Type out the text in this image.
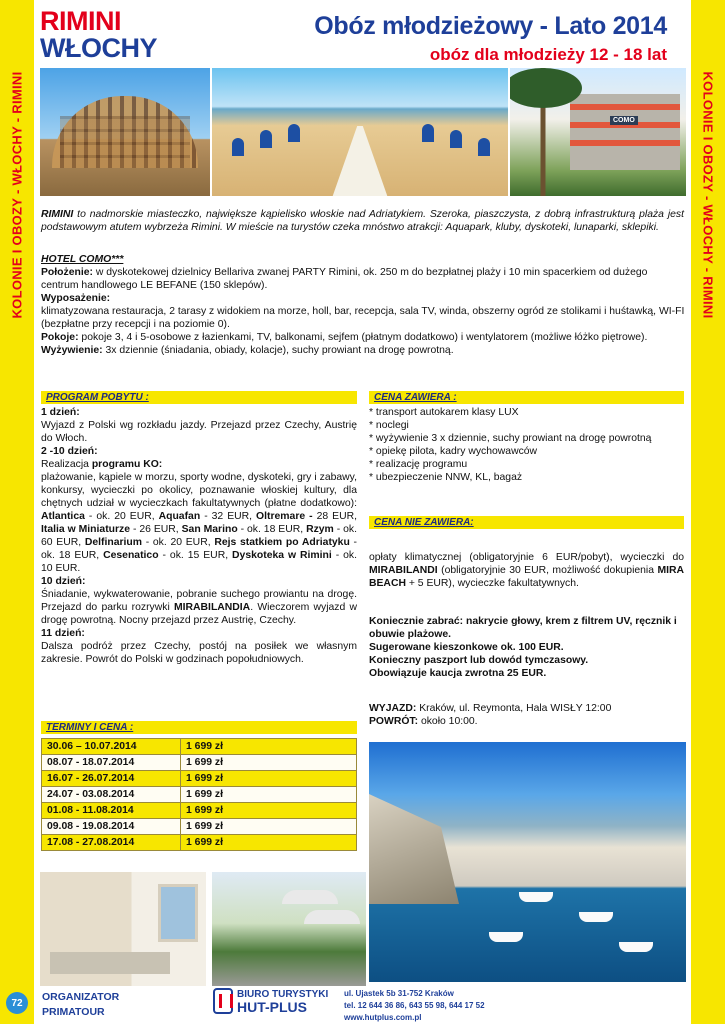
KOLONIE I OBOZY - WŁOCHY - RIMINI
72
KOLONIE I OBOZY - WŁOCHY - RIMINI
RIMINI
WŁOCHY
Obóz młodzieżowy - Lato 2014
obóz dla młodzieży 12 - 18 lat
COMO
RIMINI to nadmorskie miasteczko, największe kąpielisko włoskie nad Adriatykiem. Szeroka, piaszczysta, z dobrą infrastrukturą plaża jest podstawowym atutem wybrzeża Rimini. W mieście na turystów czeka mnóstwo atrakcji: Aquapark, kluby, dyskoteki, lunaparki, sklepiki.
HOTEL COMO***
Położenie: w dyskotekowej dzielnicy Bellariva zwanej PARTY Rimini, ok. 250 m do bezpłatnej plaży i 10 min spacerkiem od dużego centrum handlowego LE BEFANE (150 sklepów).
Wyposażenie:
klimatyzowana restauracja, 2 tarasy z widokiem na morze, holl, bar, recepcja, sala TV, winda, obszerny ogród ze stolikami i huśtawką, WI-FI (bezpłatne przy recepcji i na poziomie 0).
Pokoje: pokoje 3, 4 i 5-osobowe z łazienkami, TV, balkonami, sejfem (płatnym dodatkowo) i wentylatorem (możliwe łóżko piętrowe).
Wyżywienie: 3x dziennie (śniadania, obiady, kolacje), suchy prowiant na drogę powrotną.
PROGRAM POBYTU :
1 dzień:
Wyjazd z Polski wg rozkładu jazdy. Przejazd przez Czechy, Austrię do Włoch.
2 -10 dzień:
Realizacja programu KO:
plażowanie, kąpiele w morzu, sporty wodne, dyskoteki, gry i zabawy, konkursy, wycieczki po okolicy, poznawanie włoskiej kultury, dla chętnych udział w wycieczkach fakultatywnych (płatne dodatkowo): Atlantica - ok. 20 EUR, Aquafan - 32 EUR, Oltremare - 28 EUR, Italia w Miniaturze - 26 EUR, San Marino - ok. 18 EUR, Rzym - ok. 60 EUR, Delfinarium - ok. 20 EUR, Rejs statkiem po Adriatyku - ok. 18 EUR, Cesenatico - ok. 15 EUR, Dyskoteka w Rimini - ok. 10 EUR.
10 dzień:
Śniadanie, wykwaterowanie, pobranie suchego prowiantu na drogę. Przejazd do parku rozrywki MIRABILANDIA. Wieczorem wyjazd w drogę powrotną. Nocny przejazd przez Austrię, Czechy.
11 dzień:
Dalsza podróż przez Czechy, postój na posiłek we własnym zakresie. Powrót do Polski w godzinach popołudniowych.
CENA ZAWIERA :
* transport autokarem klasy LUX
* noclegi
* wyżywienie 3 x dziennie, suchy prowiant na drogę powrotną
* opiekę pilota, kadry wychowawców
* realizację programu
* ubezpieczenie NNW, KL, bagaż
CENA NIE ZAWIERA:
opłaty klimatycznej (obligatoryjnie 6 EUR/pobyt), wycieczki do MIRABILANDI (obligatoryjnie 30 EUR, możliwość dokupienia MIRA BEACH + 5 EUR), wycieczke fakultatywnych.
Koniecznie zabrać: nakrycie głowy, krem z filtrem UV, ręcznik i obuwie plażowe.
Sugerowane kieszonkowe ok. 100 EUR.
Konieczny paszport lub dowód tymczasowy.
Obowiązuje kaucja zwrotna 25 EUR.
WYJAZD: Kraków, ul. Reymonta, Hala WISŁY 12:00
POWRÓT: około 10:00.
TERMINY I CENA :
30.06 – 10.07.2014	1 699 zł
08.07 - 18.07.2014	1 699 zł
16.07 - 26.07.2014	1 699 zł
24.07 - 03.08.2014	1 699 zł
01.08 - 11.08.2014	1 699 zł
09.08 - 19.08.2014	1 699 zł
17.08 - 27.08.2014	1 699 zł
ORGANIZATOR
PRIMATOUR
BIURO TURYSTYKI
HUT-PLUS
ul. Ujastek 5b 31-752 Kraków
tel. 12 644 36 86, 643 55 98, 644 17 52
www.hutplus.com.pl
